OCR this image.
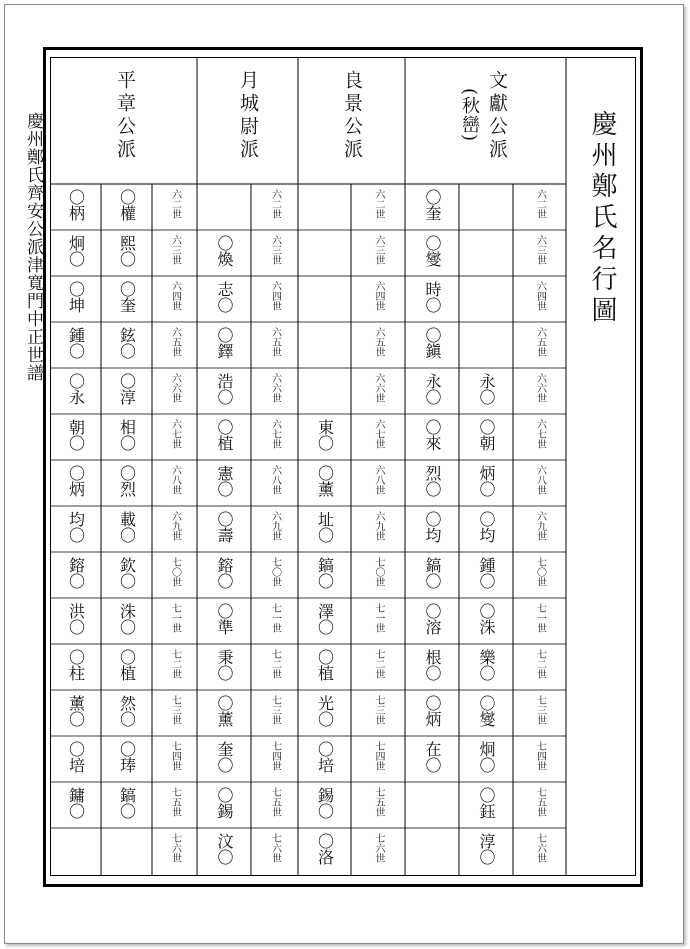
慶州鄭氏齊安公派津寬門中正世譜	慶州鄭氏名行圖
文獻公派
(秋巒)
良景公派
月城尉派
平章公派
六二世
六三世
六四世
六五世
六六世
六七世
六八世
六九世
七〇世
七一世
七二世
七三世
七四世
七五世
七六世
永〇
〇朝
炳〇
〇均
鍾〇
〇洙
樂〇
〇燮
炯〇
〇鈺
淳〇
〇奎
〇燮
時〇
〇鎭
永〇
〇來
烈〇
〇均
鎬〇
〇溶
根〇
〇炳
在〇
六二世
六三世
六四世
六五世
六六世
六七世
六八世
六九世
七〇世
七一世
七二世
七三世
七四世
七五世
七六世
東〇
〇薰
址〇
鎬〇
澤〇
〇植
光〇
〇培
錫〇
〇洛
六二世
六三世
六四世
六五世
六六世
六七世
六八世
六九世
七〇世
七一世
七二世
七三世
七四世
七五世
七六世
〇煥
志〇
〇鐸
浩〇
〇植
憲〇
〇壽
鎔〇
〇準
秉〇
〇薰
奎〇
〇錫
汶〇
六二世
六三世
六四世
六五世
六六世
六七世
六八世
六九世
七〇世
七一世
七二世
七三世
七四世
七五世
七六世
〇權
熙〇
〇奎
鉉〇
〇淳
相〇
〇烈
載〇
欽〇
洙〇
〇植
然〇
〇琫
鎬〇
〇柄
炯〇
〇坤
鍾〇
〇永
朝〇
〇炳
均〇
鎔〇
洪〇
〇柱
薰〇
〇培
鏞〇
